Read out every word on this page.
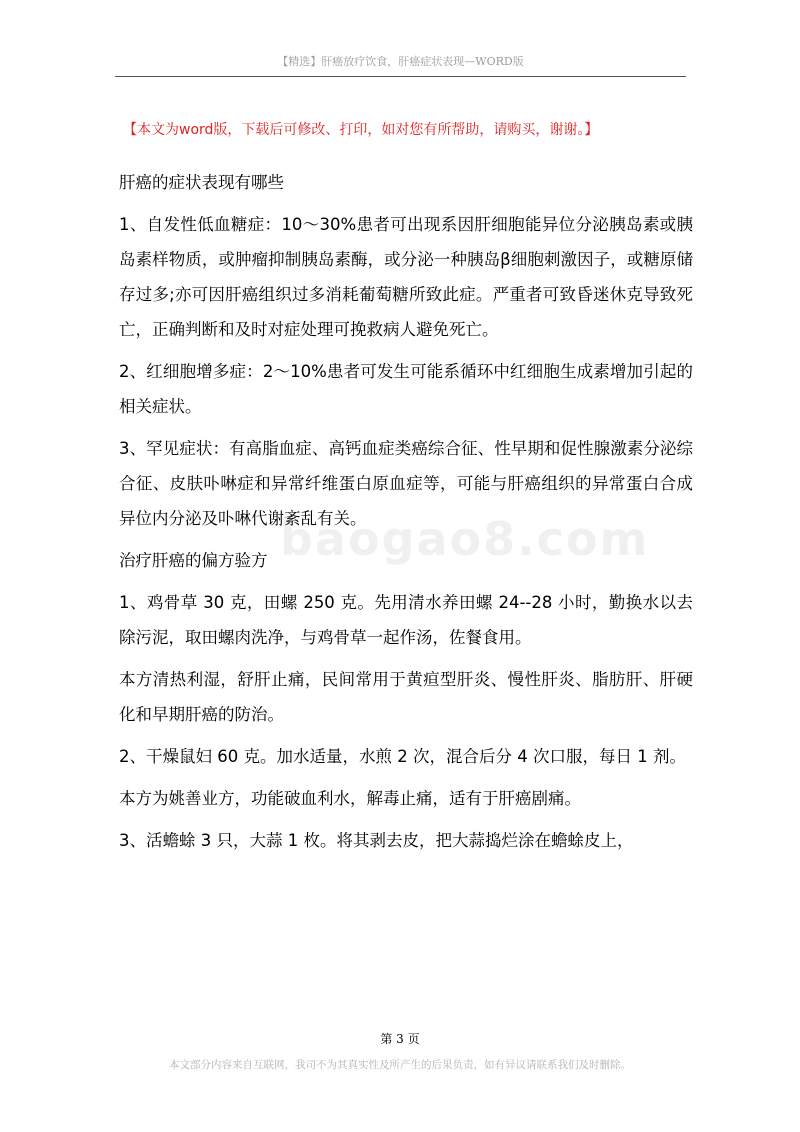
【精选】肝癌放疗饮食，肝癌症状表现—WORD版
【本文为word版，下载后可修改、打印，如对您有所帮助，请购买，谢谢。】
baogao8.com

肝癌的症状表现有哪些

1、自发性低血糖症：10～30%患者可出现系因肝细胞能异位分泌胰岛素或胰岛素样物质，或肿瘤抑制胰岛素酶，或分泌一种胰岛β细胞刺激因子，或糖原储存过多;亦可因肝癌组织过多消耗葡萄糖所致此症。严重者可致昏迷休克导致死亡，正确判断和及时对症处理可挽救病人避免死亡。

2、红细胞增多症：2～10%患者可发生可能系循环中红细胞生成素增加引起的相关症状。

3、罕见症状：有高脂血症、高钙血症类癌综合征、性早期和促性腺激素分泌综合征、皮肤卟啉症和异常纤维蛋白原血症等，可能与肝癌组织的异常蛋白合成异位内分泌及卟啉代谢紊乱有关。

治疗肝癌的偏方验方

1、鸡骨草 30 克，田螺 250 克。先用清水养田螺 24--28 小时，勤换水以去除污泥，取田螺肉洗净，与鸡骨草一起作汤，佐餐食用。

本方清热利湿，舒肝止痛，民间常用于黄疸型肝炎、慢性肝炎、脂肪肝、肝硬化和早期肝癌的防治。

2、干燥鼠妇 60 克。加水适量，水煎 2 次，混合后分 4 次口服，每日 1 剂。

本方为姚善业方，功能破血利水，解毒止痛，适有于肝癌剧痛。

3、活蟾蜍 3 只，大蒜 1 枚。将其剥去皮，把大蒜捣烂涂在蟾蜍皮上，

第 3 页
本文部分内容来自互联网，我司不为其真实性及所产生的后果负责，如有异议请联系我们及时删除。
